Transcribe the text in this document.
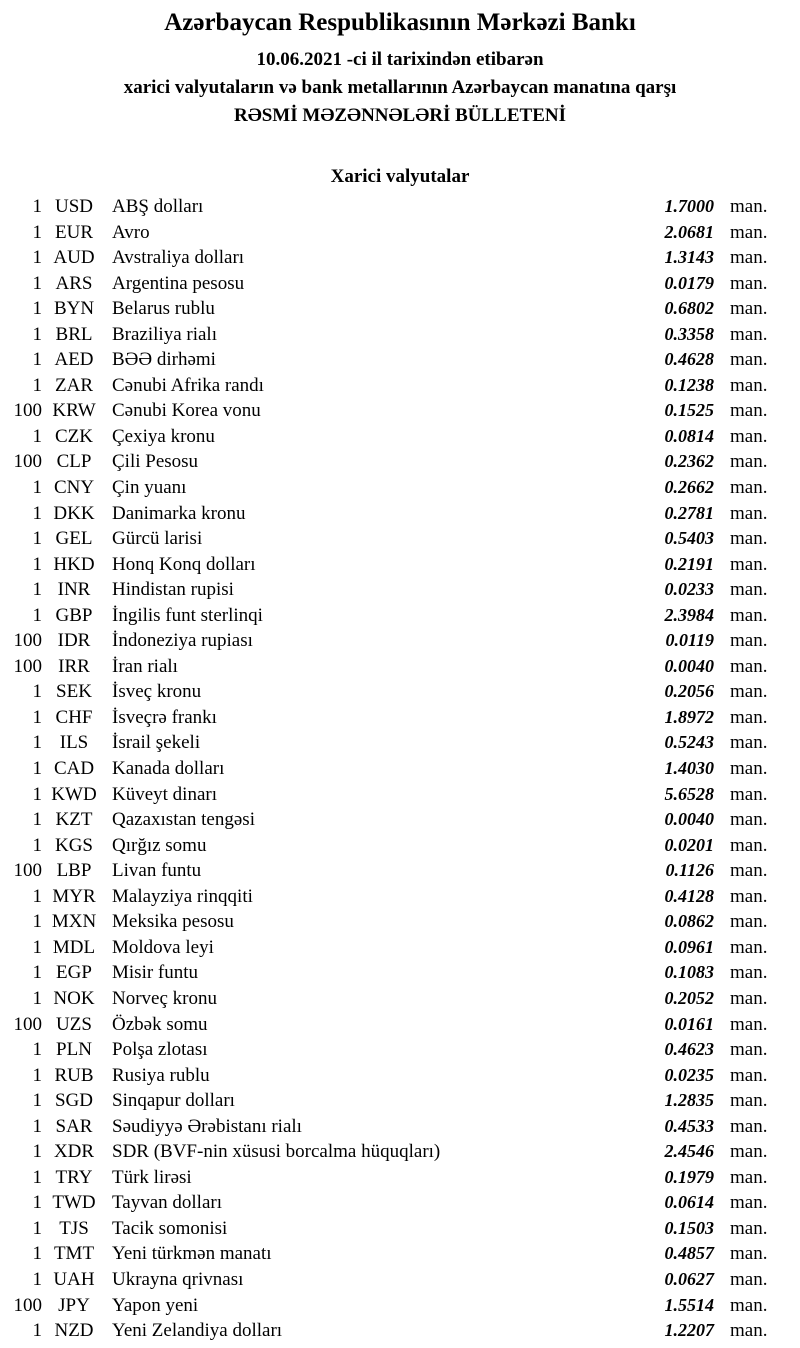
Azərbaycan Respublikasının Mərkəzi Bankı
10.06.2021 -ci il tarixindən etibarən
xarici valyutaların və bank metallarının Azərbaycan manatına qarşı
RƏSMİ MƏZƏNNƏLƏRİ BÜLLETENİ
Xarici valyutalar
1 USD	ABŞ dolları	1.7000 man.
1 EUR	Avro	2.0681 man.
1 AUD Avstraliya dolları	1.3143 man.
1 ARS	Argentina pesosu	0.0179 man.
1 BYN Belarus rublu	0.6802 man.
1 BRL	Braziliya rialı	0.3358 man.
1 AED BƏƏ dirhəmi	0.4628 man.
1 ZAR	Cənubi Afrika randı	0.1238 man.
100 KRW Cənubi Korea vonu	0.1525 man.
1 CZK	Çexiya kronu	0.0814 man.
100 CLP	Çili Pesosu	0.2362 man.
1 CNY Çin yuanı	0.2662 man.
1 DKK Danimarka kronu	0.2781 man.
1 GEL	Gürcü larisi	0.5403 man.
1 HKD Honq Konq dolları	0.2191 man.
1 INR	Hindistan rupisi	0.0233 man.
1 GBP	İngilis funt sterlinqi	2.3984 man.
100 IDR	İndoneziya rupiası	0.0119 man.
100 IRR	İran rialı	0.0040 man.
1 SEK	İsveç kronu	0.2056 man.
1 CHF	İsveçrə frankı	1.8972 man.
1 ILS	İsrail şekeli	0.5243 man.
1 CAD Kanada dolları	1.4030 man.
1 KWD Küveyt dinarı	5.6528 man.
1 KZT	Qazaxıstan tengəsi	0.0040 man.
1 KGS	Qırğız somu	0.0201 man.
100 LBP	Livan funtu	0.1126 man.
1 MYR Malayziya rinqqiti	0.4128 man.
1 MXN Meksika pesosu	0.0862 man.
1 MDL Moldova leyi	0.0961 man.
1 EGP	Misir funtu	0.1083 man.
1 NOK Norveç kronu	0.2052 man.
100 UZS	Özbək somu	0.0161 man.
1 PLN	Polşa zlotası	0.4623 man.
1 RUB Rusiya rublu	0.0235 man.
1 SGD	Sinqapur dolları	1.2835 man.
1 SAR	Səudiyyə Ərəbistanı rialı	0.4533 man.
1 XDR SDR (BVF-nin xüsusi borcalma hüquqları)	2.4546 man.
1 TRY	Türk lirəsi	0.1979 man.
1 TWD Tayvan dolları	0.0614 man.
1 TJS	Tacik somonisi	0.1503 man.
1 TMT Yeni türkmən manatı	0.4857 man.
1 UAH Ukrayna qrivnası	0.0627 man.
100 JPY	Yapon yeni	1.5514 man.
1 NZD Yeni Zelandiya dolları	1.2207 man.
